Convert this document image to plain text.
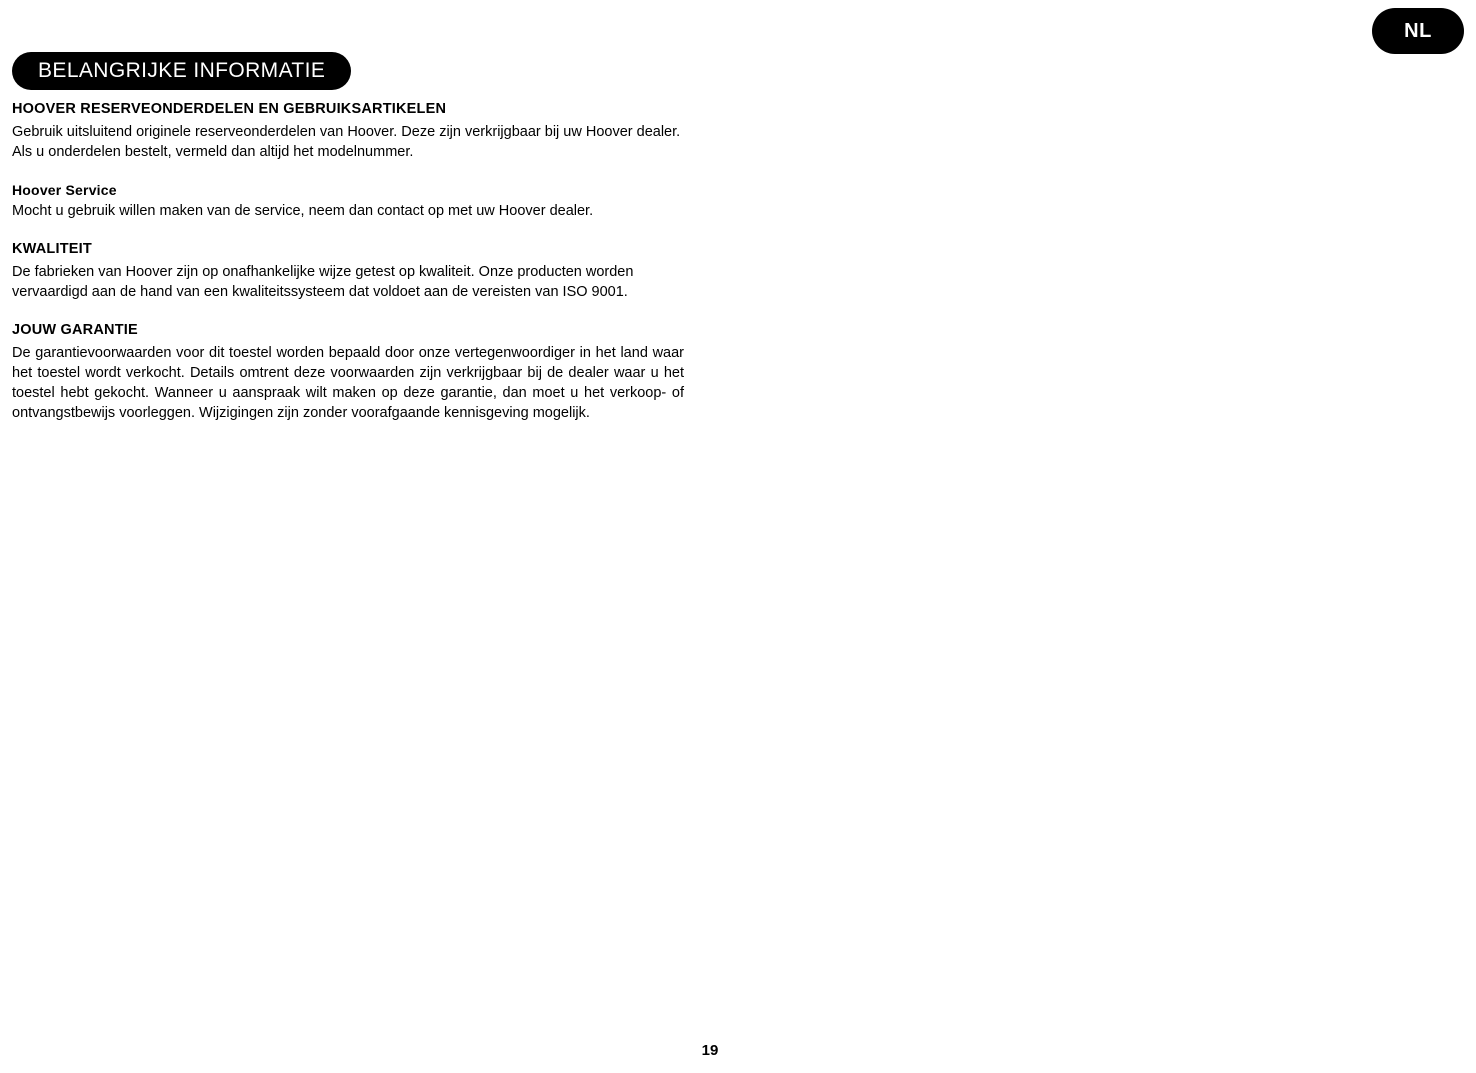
NL
BELANGRIJKE INFORMATIE
HOOVER RESERVEONDERDELEN EN GEBRUIKSARTIKELEN

Gebruik uitsluitend originele reserveonderdelen van Hoover. Deze zijn verkrijgbaar bij uw Hoover dealer. Als u onderdelen bestelt, vermeld dan altijd het modelnummer.

Hoover Service

Mocht u gebruik willen maken van de service, neem dan contact op met uw Hoover dealer.

KWALITEIT

De fabrieken van Hoover zijn op onafhankelijke wijze getest op kwaliteit. Onze producten worden vervaardigd aan de hand van een kwaliteitssysteem dat voldoet aan de vereisten van ISO 9001.

JOUW GARANTIE

De garantievoorwaarden voor dit toestel worden bepaald door onze vertegenwoordiger in het land waar het toestel wordt verkocht. Details omtrent deze voorwaarden zijn verkrijgbaar bij de dealer waar u het toestel hebt gekocht. Wanneer u aanspraak wilt maken op deze garantie, dan moet u het verkoop- of ontvangstbewijs voorleggen. Wijzigingen zijn zonder voorafgaande kennisgeving mogelijk.

19
